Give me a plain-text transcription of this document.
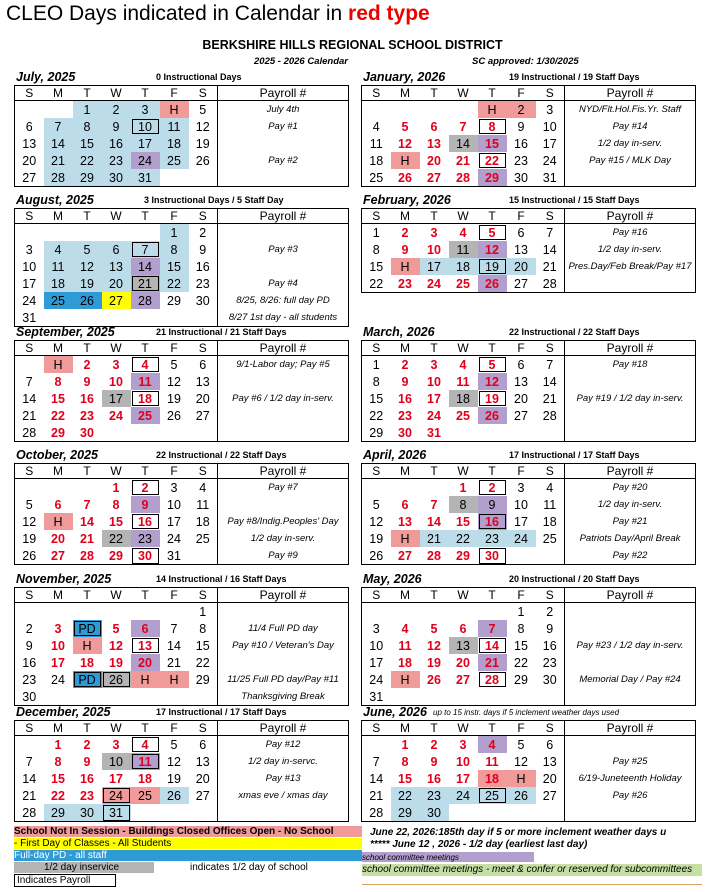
CLEO Days indicated in Calendar in red type
BERKSHIRE HILLS REGIONAL SCHOOL DISTRICT
2025 - 2026 Calendar	SC approved: 1/30/2025
July, 2025	0 Instructional Days
S	M	T	W	T	F	S	Payroll #
		1	2	3	H	5	July 4th
6	7	8	9	10	11	12	Pay #1
13	14	15	16	17	18	19	
20	21	22	23	24	25	26	Pay #2
27	28	29	30	31			
August, 2025	3 Instructional Days / 5 Staff Day
S	M	T	W	T	F	S	Payroll #
					1	2	
3	4	5	6	7	8	9	Pay #3
10	11	12	13	14	15	16	
17	18	19	20	21	22	23	Pay #4
24	25	26	27	28	29	30	8/25, 8/26: full day PD
31							8/27 1st day - all students
September, 2025	21 Instructional / 21 Staff Days
S	M	T	W	T	F	S	Payroll #
	H	2	3	4	5	6	9/1-Labor day; Pay #5
7	8	9	10	11	12	13	
14	15	16	17	18	19	20	Pay #6 / 1/2 day in-serv.
21	22	23	24	25	26	27	
28	29	30					
October, 2025	22 Instructional / 22 Staff Days
S	M	T	W	T	F	S	Payroll #
			1	2	3	4	Pay #7
5	6	7	8	9	10	11	
12	H	14	15	16	17	18	Pay #8/Indig.Peoples' Day
19	20	21	22	23	24	25	1/2 day in-serv.
26	27	28	29	30	31		Pay #9
November, 2025	14 Instructional / 16 Staff Days
S	M	T	W	T	F	S	Payroll #
						1	
2	3	PD	5	6	7	8	11/4 Full PD day
9	10	H	12	13	14	15	Pay #10 / Veteran's Day
16	17	18	19	20	21	22	
23	24	PD	26	H	H	29	11/25 Full PD day/Pay #11
30							Thanksgiving Break
December, 2025	17 Instructional / 17 Staff Days
S	M	T	W	T	F	S	Payroll #
	1	2	3	4	5	6	Pay #12
7	8	9	10	11	12	13	1/2 day in-servc.
14	15	16	17	18	19	20	Pay #13
21	22	23	24	25	26	27	xmas eve / xmas day
28	29	30	31				
January, 2026	19 Instructional / 19 Staff Days
S	M	T	W	T	F	S	Payroll #
				H	2	3	NYD/Flt.Hol.Fis.Yr. Staff
4	5	6	7	8	9	10	Pay #14
11	12	13	14	15	16	17	1/2 day in-serv.
18	H	20	21	22	23	24	Pay #15 / MLK Day
25	26	27	28	29	30	31	
February, 2026	15 Instructional / 15 Staff Days
S	M	T	W	T	F	S	Payroll #
1	2	3	4	5	6	7	Pay #16
8	9	10	11	12	13	14	1/2 day in-serv.
15	H	17	18	19	20	21	Pres.Day/Feb Break/Pay #17
22	23	24	25	26	27	28	
March, 2026	22 Instructional / 22 Staff Days
S	M	T	W	T	F	S	Payroll #
1	2	3	4	5	6	7	Pay #18
8	9	10	11	12	13	14	
15	16	17	18	19	20	21	Pay #19 / 1/2 day in-serv.
22	23	24	25	26	27	28	
29	30	31					
April, 2026	17 Instructional / 17 Staff Days
S	M	T	W	T	F	S	Payroll #
			1	2	3	4	Pay #20
5	6	7	8	9	10	11	1/2 day in-serv.
12	13	14	15	16	17	18	Pay #21
19	H	21	22	23	24	25	Patriots Day/April Break
26	27	28	29	30			Pay #22
May, 2026	20 Instructional / 20 Staff Days
S	M	T	W	T	F	S	Payroll #
					1	2	
3	4	5	6	7	8	9	
10	11	12	13	14	15	16	Pay #23 / 1/2 day in-serv.
17	18	19	20	21	22	23	
24	H	26	27	28	29	30	Memorial Day / Pay #24
31							
June, 2026 up to 15 instr. days if 5 inclement weather days used
S	M	T	W	T	F	S	Payroll #
	1	2	3	4	5	6	
7	8	9	10	11	12	13	Pay #25
14	15	16	17	18	H	20	6/19-Juneteenth Holiday
21	22	23	24	25	26	27	Pay #26
28	29	30					
School Not In Session - Buildings Closed Offices Open - No School
- First Day of Classes - All Students
Full-day PD - all staff
1/2 day inservice	indicates 1/2 day of school
Indicates Payroll
June 22, 2026:185th day if 5 or more inclement weather days u
***** June 12 , 2026 - 1/2 day (earliest last day)
school committee meetings
school committee meetings - meet & confer or reserved for subcommittees
